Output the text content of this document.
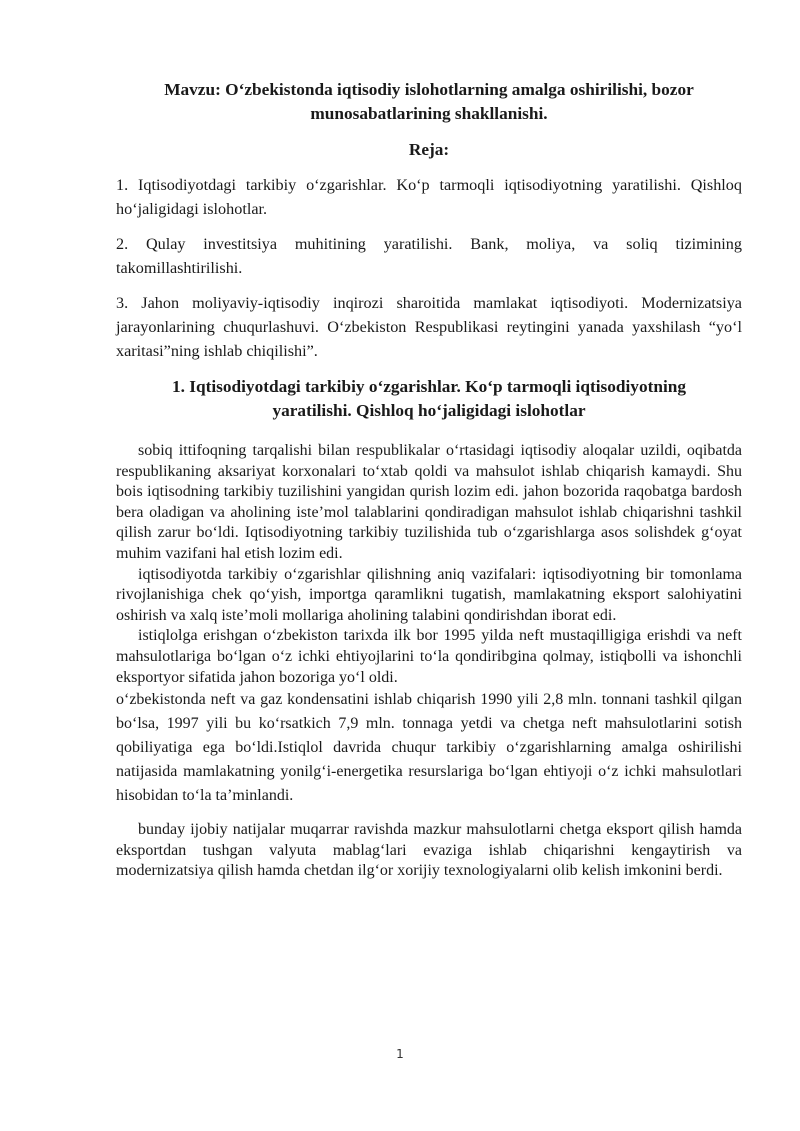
Mavzu: O‘zbekistonda iqtisodiy islohotlarning amalga oshirilishi, bozor munosabatlarining shakllanishi.

Reja:

1. Iqtisodiyotdagi tarkibiy o‘zgarishlar. Ko‘p tarmoqli iqtisodiyotning yaratilishi. Qishloq ho‘jaligidagi islohotlar.

2. Qulay investitsiya muhitining yaratilishi. Bank, moliya, va soliq tizimining takomillashtirilishi.

3. Jahon moliyaviy-iqtisodiy inqirozi sharoitida mamlakat iqtisodiyoti. Modernizatsiya jarayonlarining chuqurlashuvi. O‘zbekiston Respublikasi reytingini yanada yaxshilash “yo‘l xaritasi”ning ishlab chiqilishi”.

1. Iqtisodiyotdagi tarkibiy o‘zgarishlar. Ko‘p tarmoqli iqtisodiyotning yaratilishi. Qishloq ho‘jaligidagi islohotlar

sobiq ittifoqning tarqalishi bilan respublikalar o‘rtasidagi iqtisodiy aloqalar uzildi, oqibatda respublikaning aksariyat korxonalari to‘xtab qoldi va mahsulot ishlab chiqarish kamaydi. Shu bois iqtisodning tarkibiy tuzilishini yangidan qurish lozim edi. jahon bozorida raqobatga bardosh bera oladigan va aholining iste’mol talablarini qondiradigan mahsulot ishlab chiqarishni tashkil qilish zarur bo‘ldi. Iqtisodiyotning tarkibiy tuzilishida tub o‘zgarishlarga asos solishdek g‘oyat muhim vazifani hal etish lozim edi.

iqtisodiyotda tarkibiy o‘zgarishlar qilishning aniq vazifalari: iqtisodiyotning bir tomonlama rivojlanishiga chek qo‘yish, importga qaramlikni tugatish, mamlakatning eksport salohiyatini oshirish va xalq iste’moli mollariga aholining talabini qondirishdan iborat edi.

istiqlolga erishgan o‘zbekiston tarixda ilk bor 1995 yilda neft mustaqilligiga erishdi va neft mahsulotlariga bo‘lgan o‘z ichki ehtiyojlarini to‘la qondiribgina qolmay, istiqbolli va ishonchli eksportyor sifatida jahon bozoriga yo‘l oldi.

o‘zbekistonda neft va gaz kondensatini ishlab chiqarish 1990 yili 2,8 mln. tonnani tashkil qilgan bo‘lsa, 1997 yili bu ko‘rsatkich 7,9 mln. tonnaga yetdi va chetga neft mahsulotlarini sotish qobiliyatiga ega bo‘ldi.Istiqlol davrida chuqur tarkibiy o‘zgarishlarning amalga oshirilishi natijasida mamlakatning yonilg‘i-energetika resurslariga bo‘lgan ehtiyoji o‘z ichki mahsulotlari hisobidan to‘la ta’minlandi.

bunday ijobiy natijalar muqarrar ravishda mazkur mahsulotlarni chetga eksport qilish hamda eksportdan tushgan valyuta mablag‘lari evaziga ishlab chiqarishni kengaytirish va modernizatsiya qilish hamda chetdan ilg‘or xorijiy texnologiyalarni olib kelish imkonini berdi.

1
